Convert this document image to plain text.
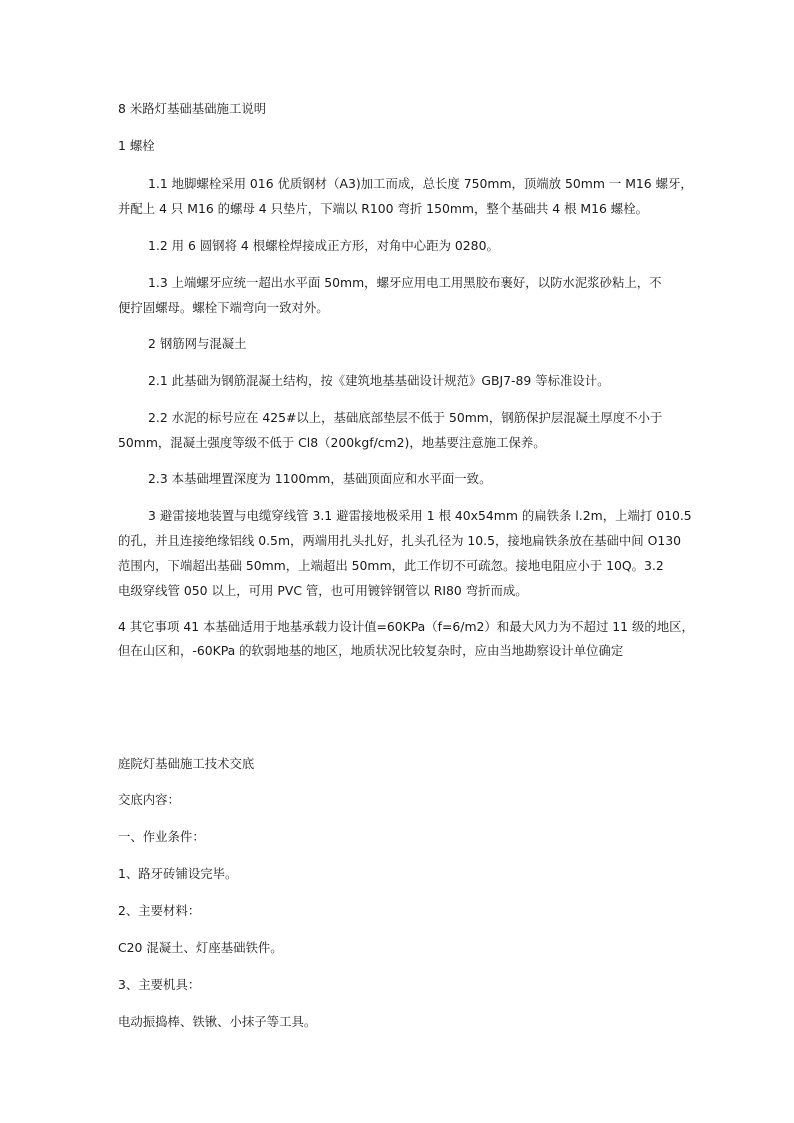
8 米路灯基础基础施工说明

1 螺栓

1.1 地脚螺栓采用 016 优质钢材（A3)加工而成，总长度 750mm，顶端放 50mm 一 M16 螺牙，

并配上 4 只 M16 的螺母 4 只垫片，下端以 R100 弯折 150mm，整个基础共 4 根 M16 螺栓。

1.2 用 6 圆钢将 4 根螺栓焊接成正方形，对角中心距为 0280。

1.3 上端螺牙应统一超出水平面 50mm，螺牙应用电工用黑胶布裹好，以防水泥浆砂粘上，不

便拧固螺母。螺栓下端弯向一致对外。

2 钢筋网与混凝土

2.1 此基础为钢筋混凝土结构，按《建筑地基基础设计规范》GBJ7-89 等标准设计。

2.2 水泥的标号应在 425#以上，基础底部垫层不低于 50mm，钢筋保护层混凝土厚度不小于

50mm，混凝土强度等级不低于 Cl8（200kgf/cm2)，地基要注意施工保养。

2.3 本基础埋置深度为 1100mm，基础顶面应和水平面一致。

3 避雷接地装置与电缆穿线管 3.1 避雷接地极采用 1 根 40x54mm 的扁铁条 l.2m，上端打 010.5

的孔，并且连接绝缘铝线 0.5m，两端用扎头扎好，扎头孔径为 10.5，接地扁铁条放在基础中间 O130

范围内，下端超出基础 50mm，上端超出 50mm，此工作切不可疏忽。接地电阻应小于 10Q。3.2

电级穿线管 050 以上，可用 PVC 管，也可用镀锌钢管以 RI80 弯折而成。

4 其它事项 41 本基础适用于地基承载力设计值=60KPa（f=6/m2）和最大风力为不超过 11 级的地区，

但在山区和，-60KPa 的软弱地基的地区，地质状况比较复杂时，应由当地勘察设计单位确定

庭院灯基础施工技术交底

交底内容：

一、作业条件：

1、路牙砖铺设完毕。

2、主要材料：

C20 混凝土、灯座基础铁件。

3、主要机具：

电动振捣棒、铁锹、小抹子等工具。
